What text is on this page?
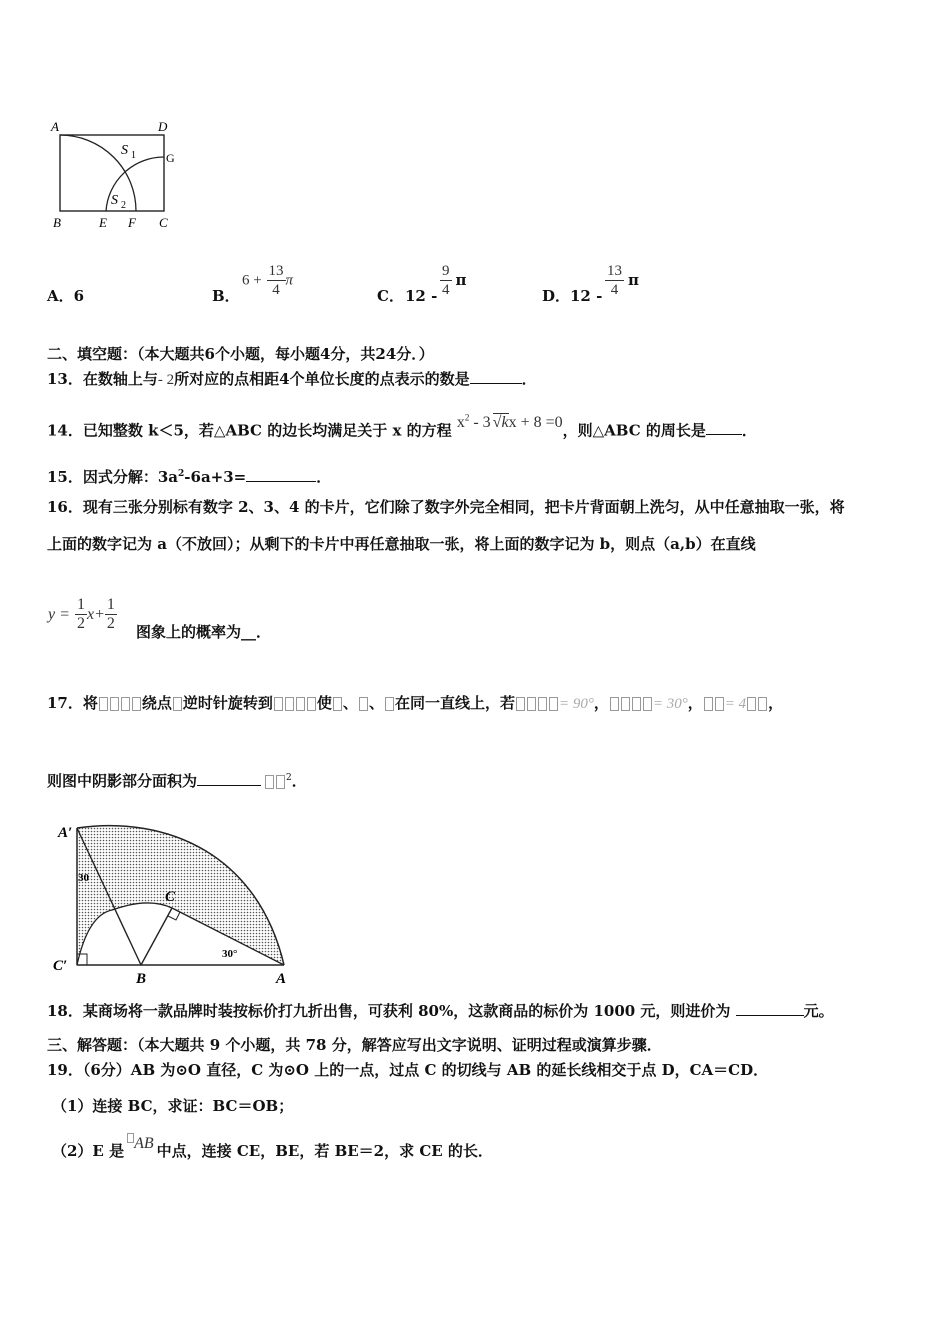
A	D
G
B	E F C
S 1
S 2
A．6	B．
$6 + \frac{13}{4}$ π
C． $12 - \frac{9}{4}$ π
D． $12 - \frac{13}{4}$ π
二、填空题：（本大题共6个小题，每小题4分，共24分．）
13．在数轴上与- 2所对应的点相距4个单位长度的点表示的数是	．
14．已知整数 k＜5，若△ABC 的边长均满足关于 x 的方程 $x^2 - 3$ √kx + 8 =0，则△ABC 的周长是 ．
15．因式分解：$3a^2-6a+3=$	．
16．现有三张分别标有数字 2、3、4 的卡片，它们除了数字外完全相同，把卡片背面朝上洗匀，从中任意抽取一张，将
上面的数字记为 a（不放回）；从剩下的卡片中再任意抽取一张，将上面的数字记为 b，则点（a,b）在直线
$y = \frac{1}{2} x+ \frac{1}{2}$ 图象上的概率为__．
17．将	绕点 逆时针旋转到	使 、 、 在同一直线上，若	= 90°，	= 30°， = 4 ，
则图中阴影部分面积为	$^2$．
A′
C′
B
C
A
30
30°
18．某商场将一款品牌时装按标价打九折出售，可获利 80%，这款商品的标价为 1000 元，则进价为	元。
三、解答题：（本大题共 9 个小题，共 78 分，解答应写出文字说明、证明过程或演算步骤．
19．（6分）AB 为⊙O 直径，C 为⊙O 上的一点，过点 C 的切线与 AB 的延长线相交于点 D，CA＝CD．
（1）连接 BC，求证：BC＝OB；
（2）E 是 AB 中点，连接 CE，BE，若 BE＝2，求 CE 的长．
